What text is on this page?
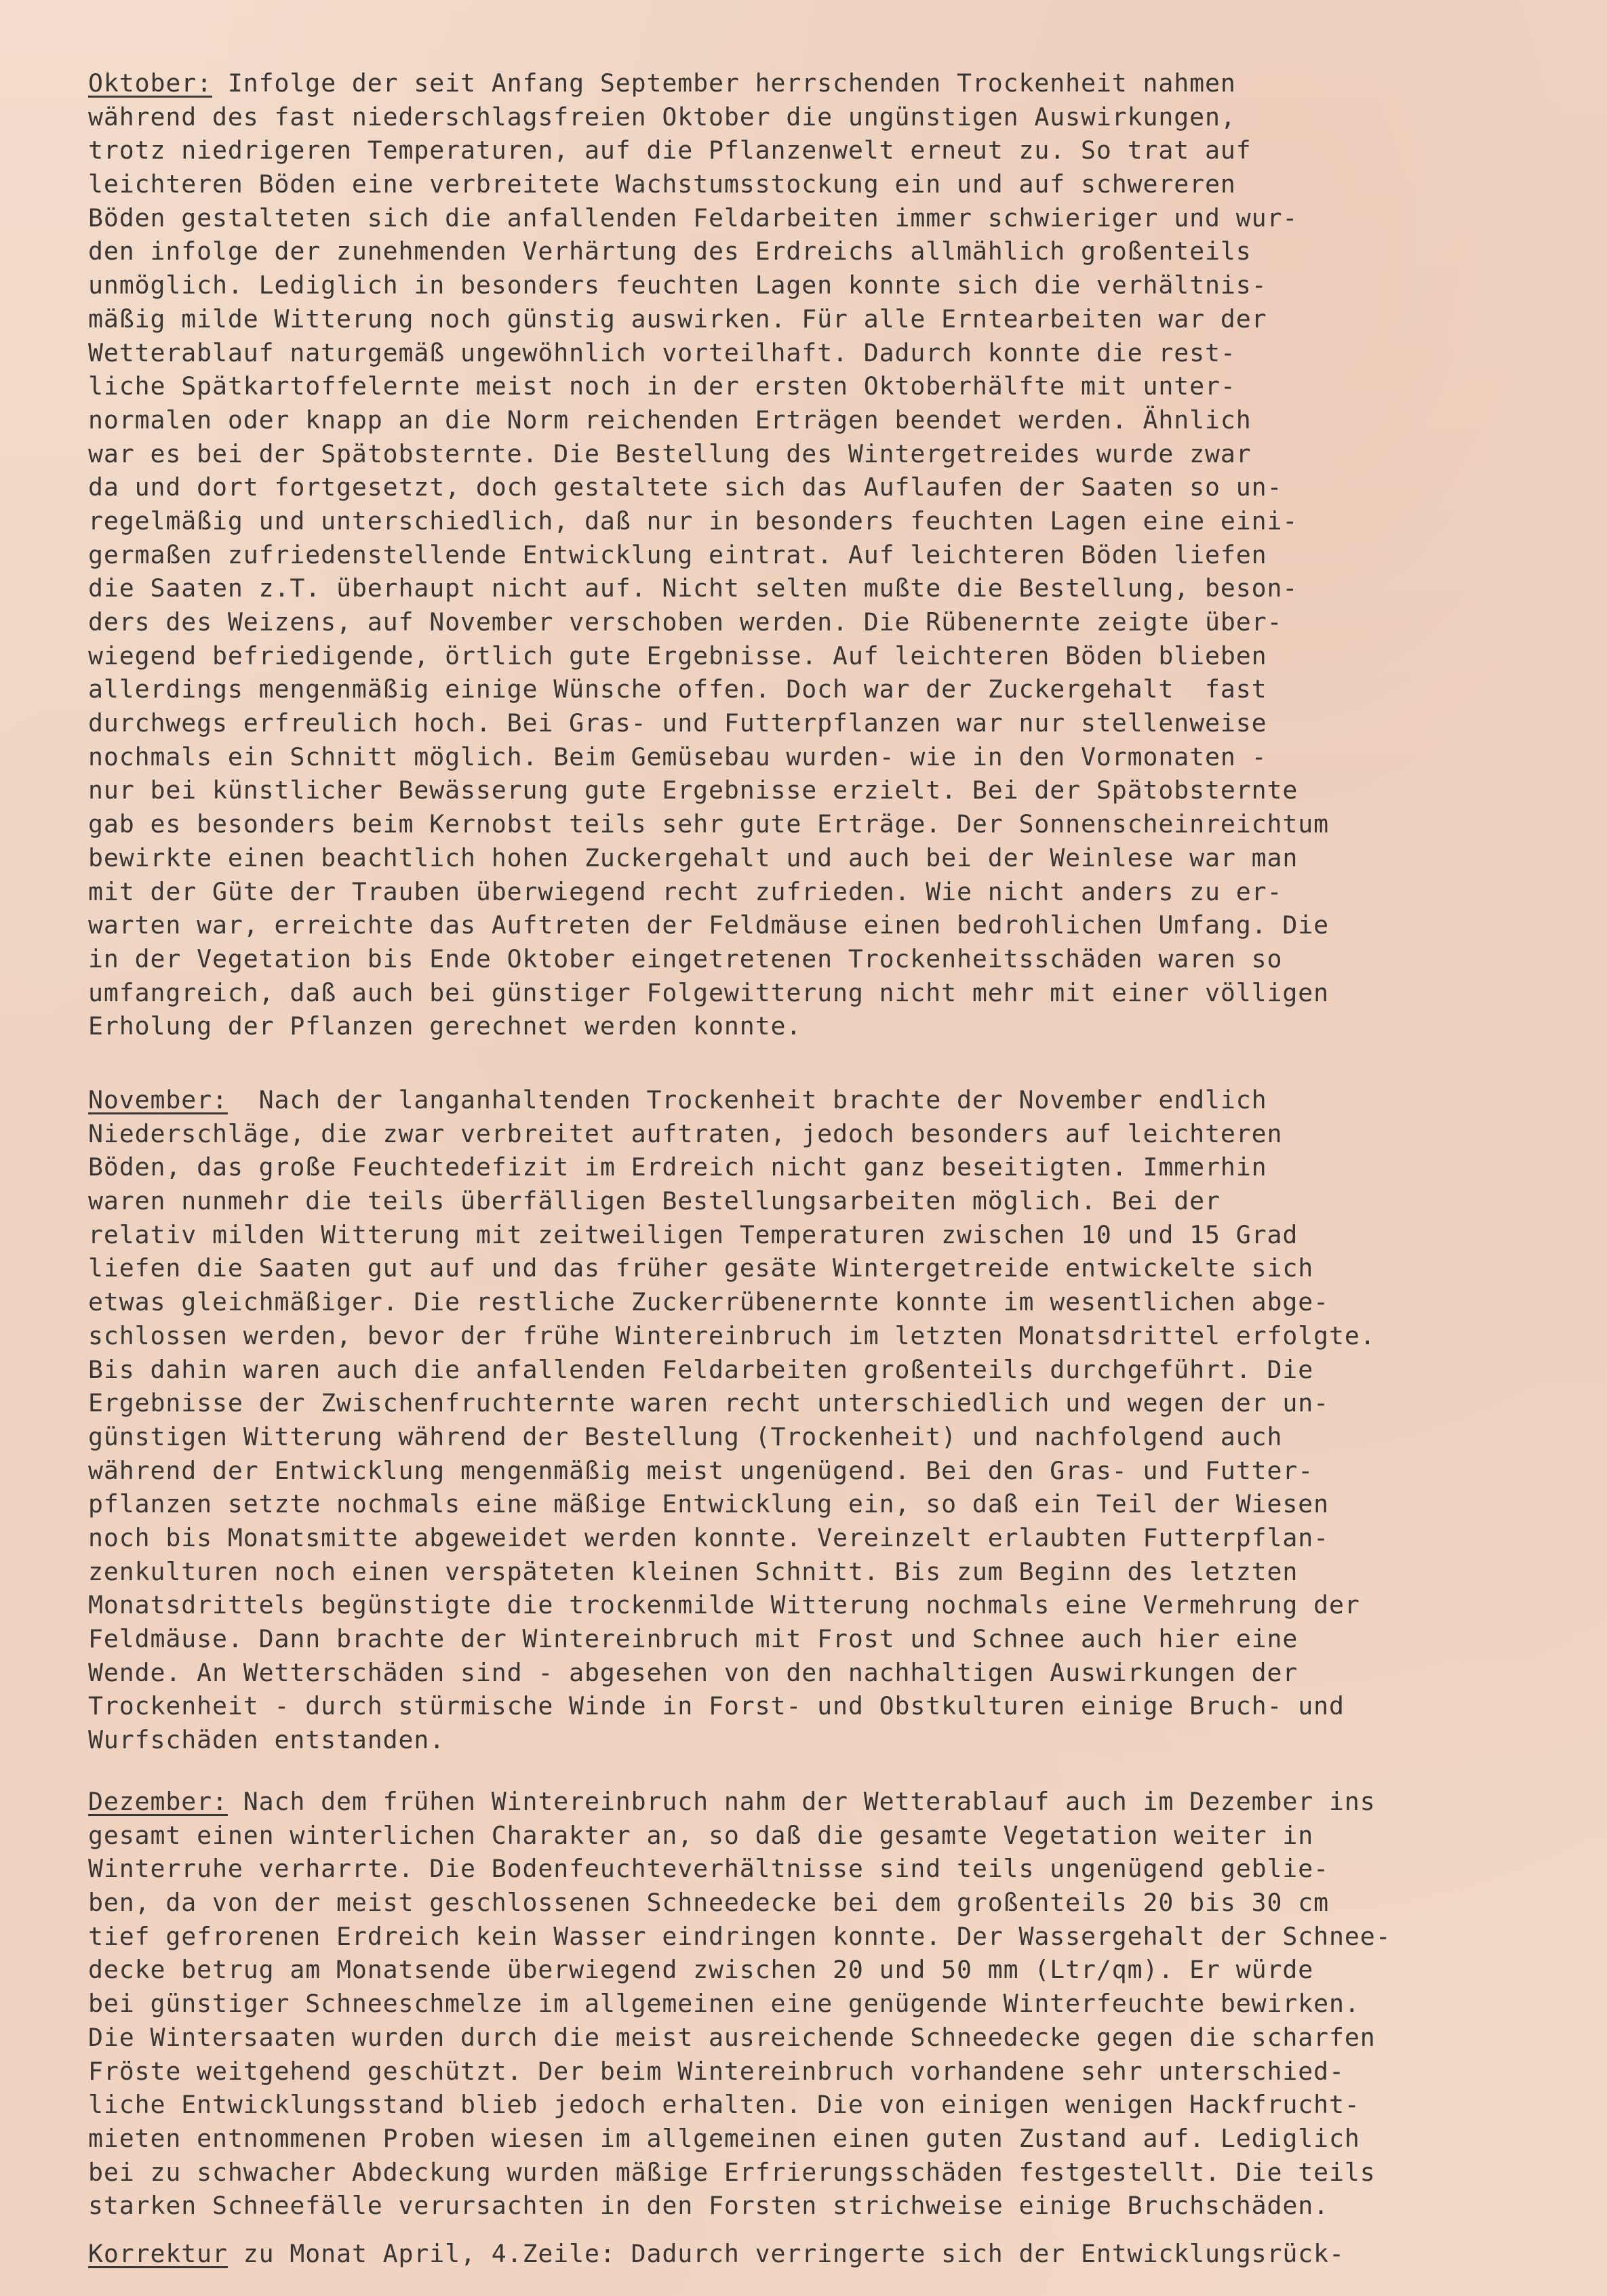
Oktober: Infolge der seit Anfang September herrschenden Trockenheit nahmen
während des fast niederschlagsfreien Oktober die ungünstigen Auswirkungen,
trotz niedrigeren Temperaturen, auf die Pflanzenwelt erneut zu. So trat auf
leichteren Böden eine verbreitete Wachstumsstockung ein und auf schwereren
Böden gestalteten sich die anfallenden Feldarbeiten immer schwieriger und wur-
den infolge der zunehmenden Verhärtung des Erdreichs allmählich großenteils
unmöglich. Lediglich in besonders feuchten Lagen konnte sich die verhältnis-
mäßig milde Witterung noch günstig auswirken. Für alle Erntearbeiten war der
Wetterablauf naturgemäß ungewöhnlich vorteilhaft. Dadurch konnte die rest-
liche Spätkartoffelernte meist noch in der ersten Oktoberhälfte mit unter-
normalen oder knapp an die Norm reichenden Erträgen beendet werden. Ähnlich
war es bei der Spätobsternte. Die Bestellung des Wintergetreides wurde zwar
da und dort fortgesetzt, doch gestaltete sich das Auflaufen der Saaten so un-
regelmäßig und unterschiedlich, daß nur in besonders feuchten Lagen eine eini-
germaßen zufriedenstellende Entwicklung eintrat. Auf leichteren Böden liefen
die Saaten z.T. überhaupt nicht auf. Nicht selten mußte die Bestellung, beson-
ders des Weizens, auf November verschoben werden. Die Rübenernte zeigte über-
wiegend befriedigende, örtlich gute Ergebnisse. Auf leichteren Böden blieben
allerdings mengenmäßig einige Wünsche offen. Doch war der Zuckergehalt  fast
durchwegs erfreulich hoch. Bei Gras- und Futterpflanzen war nur stellenweise
nochmals ein Schnitt möglich. Beim Gemüsebau wurden- wie in den Vormonaten -
nur bei künstlicher Bewässerung gute Ergebnisse erzielt. Bei der Spätobsternte
gab es besonders beim Kernobst teils sehr gute Erträge. Der Sonnenscheinreichtum
bewirkte einen beachtlich hohen Zuckergehalt und auch bei der Weinlese war man
mit der Güte der Trauben überwiegend recht zufrieden. Wie nicht anders zu er-
warten war, erreichte das Auftreten der Feldmäuse einen bedrohlichen Umfang. Die
in der Vegetation bis Ende Oktober eingetretenen Trockenheitsschäden waren so
umfangreich, daß auch bei günstiger Folgewitterung nicht mehr mit einer völligen
Erholung der Pflanzen gerechnet werden konnte.
November:  Nach der langanhaltenden Trockenheit brachte der November endlich
Niederschläge, die zwar verbreitet auftraten, jedoch besonders auf leichteren
Böden, das große Feuchtedefizit im Erdreich nicht ganz beseitigten. Immerhin
waren nunmehr die teils überfälligen Bestellungsarbeiten möglich. Bei der
relativ milden Witterung mit zeitweiligen Temperaturen zwischen 10 und 15 Grad
liefen die Saaten gut auf und das früher gesäte Wintergetreide entwickelte sich
etwas gleichmäßiger. Die restliche Zuckerrübenernte konnte im wesentlichen abge-
schlossen werden, bevor der frühe Wintereinbruch im letzten Monatsdrittel erfolgte.
Bis dahin waren auch die anfallenden Feldarbeiten großenteils durchgeführt. Die
Ergebnisse der Zwischenfruchternte waren recht unterschiedlich und wegen der un-
günstigen Witterung während der Bestellung (Trockenheit) und nachfolgend auch
während der Entwicklung mengenmäßig meist ungenügend. Bei den Gras- und Futter-
pflanzen setzte nochmals eine mäßige Entwicklung ein, so daß ein Teil der Wiesen
noch bis Monatsmitte abgeweidet werden konnte. Vereinzelt erlaubten Futterpflan-
zenkulturen noch einen verspäteten kleinen Schnitt. Bis zum Beginn des letzten
Monatsdrittels begünstigte die trockenmilde Witterung nochmals eine Vermehrung der
Feldmäuse. Dann brachte der Wintereinbruch mit Frost und Schnee auch hier eine
Wende. An Wetterschäden sind - abgesehen von den nachhaltigen Auswirkungen der
Trockenheit - durch stürmische Winde in Forst- und Obstkulturen einige Bruch- und
Wurfschäden entstanden.
Dezember: Nach dem frühen Wintereinbruch nahm der Wetterablauf auch im Dezember ins
gesamt einen winterlichen Charakter an, so daß die gesamte Vegetation weiter in
Winterruhe verharrte. Die Bodenfeuchteverhältnisse sind teils ungenügend geblie-
ben, da von der meist geschlossenen Schneedecke bei dem großenteils 20 bis 30 cm
tief gefrorenen Erdreich kein Wasser eindringen konnte. Der Wassergehalt der Schnee-
decke betrug am Monatsende überwiegend zwischen 20 und 50 mm (Ltr/qm). Er würde
bei günstiger Schneeschmelze im allgemeinen eine genügende Winterfeuchte bewirken.
Die Wintersaaten wurden durch die meist ausreichende Schneedecke gegen die scharfen
Fröste weitgehend geschützt. Der beim Wintereinbruch vorhandene sehr unterschied-
liche Entwicklungsstand blieb jedoch erhalten. Die von einigen wenigen Hackfrucht-
mieten entnommenen Proben wiesen im allgemeinen einen guten Zustand auf. Lediglich
bei zu schwacher Abdeckung wurden mäßige Erfrierungsschäden festgestellt. Die teils
starken Schneefälle verursachten in den Forsten strichweise einige Bruchschäden.
Korrektur zu Monat April, 4.Zeile: Dadurch verringerte sich der Entwicklungsrück-
